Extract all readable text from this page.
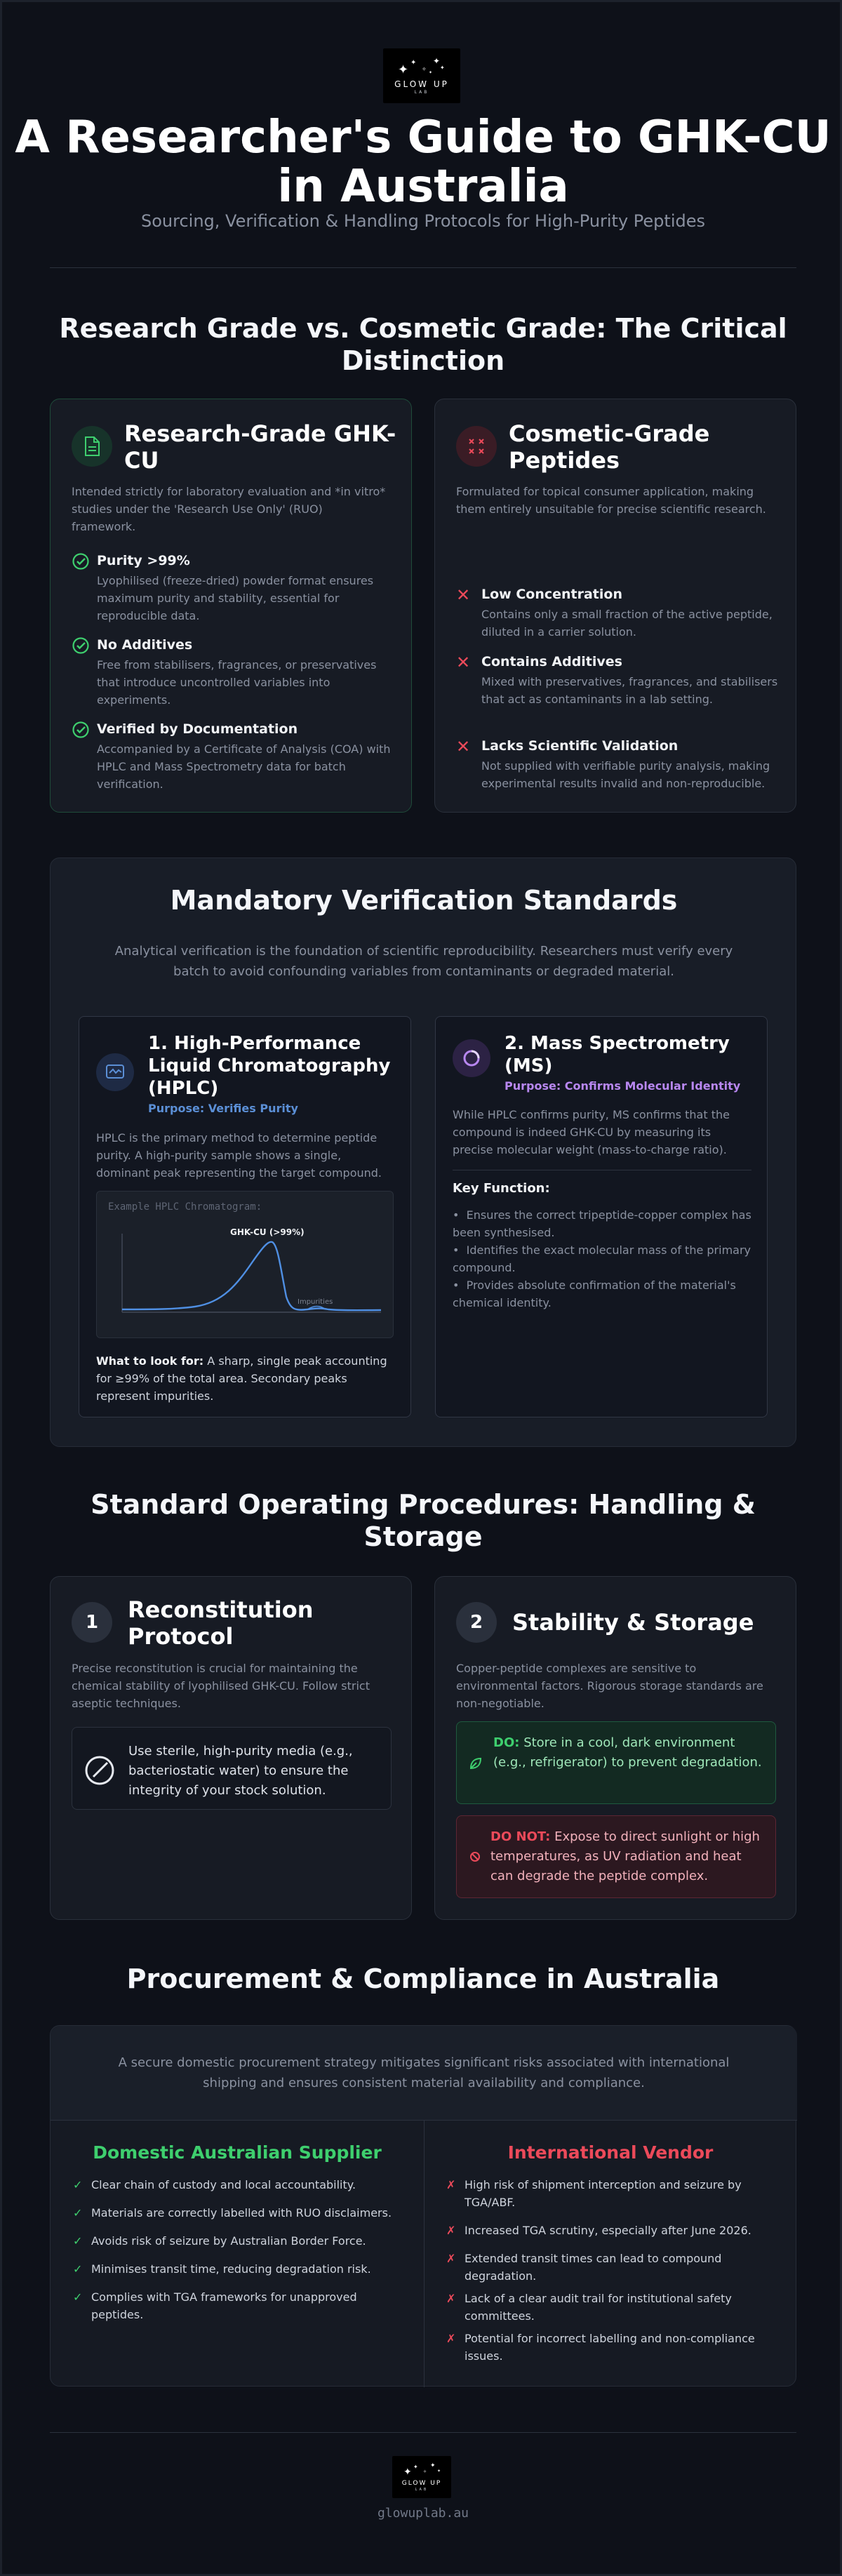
✦ ✦
✧
✦
✦
✦
GLOW UP
LAB
A Researcher's Guide to GHK-CU
in Australia
Sourcing, Verification & Handling Protocols for High-Purity Peptides
Research Grade vs. Cosmetic Grade: The Critical
Distinction
Research-Grade GHK-
CU
Intended strictly for laboratory evaluation and *in vitro* studies under the 'Research Use Only' (RUO) framework.
Purity >99%
Lyophilised (freeze-dried) powder format ensures maximum purity and stability, essential for reproducible data.
No Additives
Free from stabilisers, fragrances, or preservatives that introduce uncontrolled variables into experiments.
Verified by Documentation
Accompanied by a Certificate of Analysis (COA) with HPLC and Mass Spectrometry data for batch verification.
Cosmetic-Grade
Peptides
Formulated for topical consumer application, making them entirely unsuitable for precise scientific research.
✕ Low Concentration
Contains only a small fraction of the active peptide, diluted in a carrier solution.
✕ Contains Additives
Mixed with preservatives, fragrances, and stabilisers that act as contaminants in a lab setting.
✕ Lacks Scientific Validation
Not supplied with verifiable purity analysis, making experimental results invalid and non-reproducible.
Mandatory Verification Standards
Analytical verification is the foundation of scientific reproducibility. Researchers must verify every batch to avoid confounding variables from contaminants or degraded material.
1. High-Performance
Liquid Chromatography
(HPLC)
Purpose: Verifies Purity
HPLC is the primary method to determine peptide purity. A high-purity sample shows a single, dominant peak representing the target compound.
Example HPLC Chromatogram:
GHK-CU (>99%)
Impurities
What to look for: A sharp, single peak accounting for ≥99% of the total area. Secondary peaks represent impurities.
2. Mass Spectrometry
(MS)
Purpose: Confirms Molecular Identity
While HPLC confirms purity, MS confirms that the compound is indeed GHK-CU by measuring its precise molecular weight (mass-to-charge ratio).
Key Function:
•  Ensures the correct tripeptide-copper complex has been synthesised.
•  Identifies the exact molecular mass of the primary compound.
•  Provides absolute confirmation of the material's chemical identity.
Standard Operating Procedures: Handling &
Storage
1	Reconstitution
Protocol
Precise reconstitution is crucial for maintaining the chemical stability of lyophilised GHK-CU. Follow strict aseptic techniques.
Use sterile, high-purity media (e.g., bacteriostatic water) to ensure the integrity of your stock solution.
2	Stability & Storage
Copper-peptide complexes are sensitive to environmental factors. Rigorous storage standards are non-negotiable.
DO: Store in a cool, dark environment (e.g., refrigerator) to prevent degradation.
DO NOT: Expose to direct sunlight or high temperatures, as UV radiation and heat can degrade the peptide complex.
Procurement & Compliance in Australia
A secure domestic procurement strategy mitigates significant risks associated with international shipping and ensures consistent material availability and compliance.
Domestic Australian Supplier
✓ Clear chain of custody and local accountability.
✓ Materials are correctly labelled with RUO disclaimers.
✓ Avoids risk of seizure by Australian Border Force.
✓ Minimises transit time, reducing degradation risk.
✓ Complies with TGA frameworks for unapproved peptides.
International Vendor
✗ High risk of shipment interception and seizure by TGA/ABF.
✗ Increased TGA scrutiny, especially after June 2026.
✗ Extended transit times can lead to compound degradation.
✗ Lack of a clear audit trail for institutional safety committees.
✗ Potential for incorrect labelling and non-compliance issues.
✦ ✦
✧
✦
✦
GLOW UP
LAB
glowuplab.au
